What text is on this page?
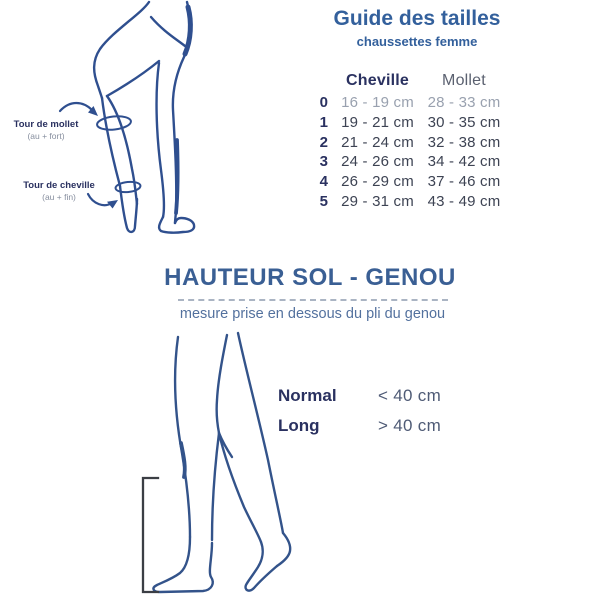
Tour de mollet
(au + fort)
Tour de cheville
(au + fin)
Guide des tailles
chaussettes femme
Cheville	Mollet
0 16 - 19 cm 28 - 33 cm
1 19 - 21 cm 30 - 35 cm
2 21 - 24 cm 32 - 38 cm
3 24 - 26 cm 34 - 42 cm
4 26 - 29 cm 37 - 46 cm
5 29 - 31 cm 43 - 49 cm
HAUTEUR SOL - GENOU
mesure prise en dessous du pli du genou
Normal	< 40 cm
Long	> 40 cm
